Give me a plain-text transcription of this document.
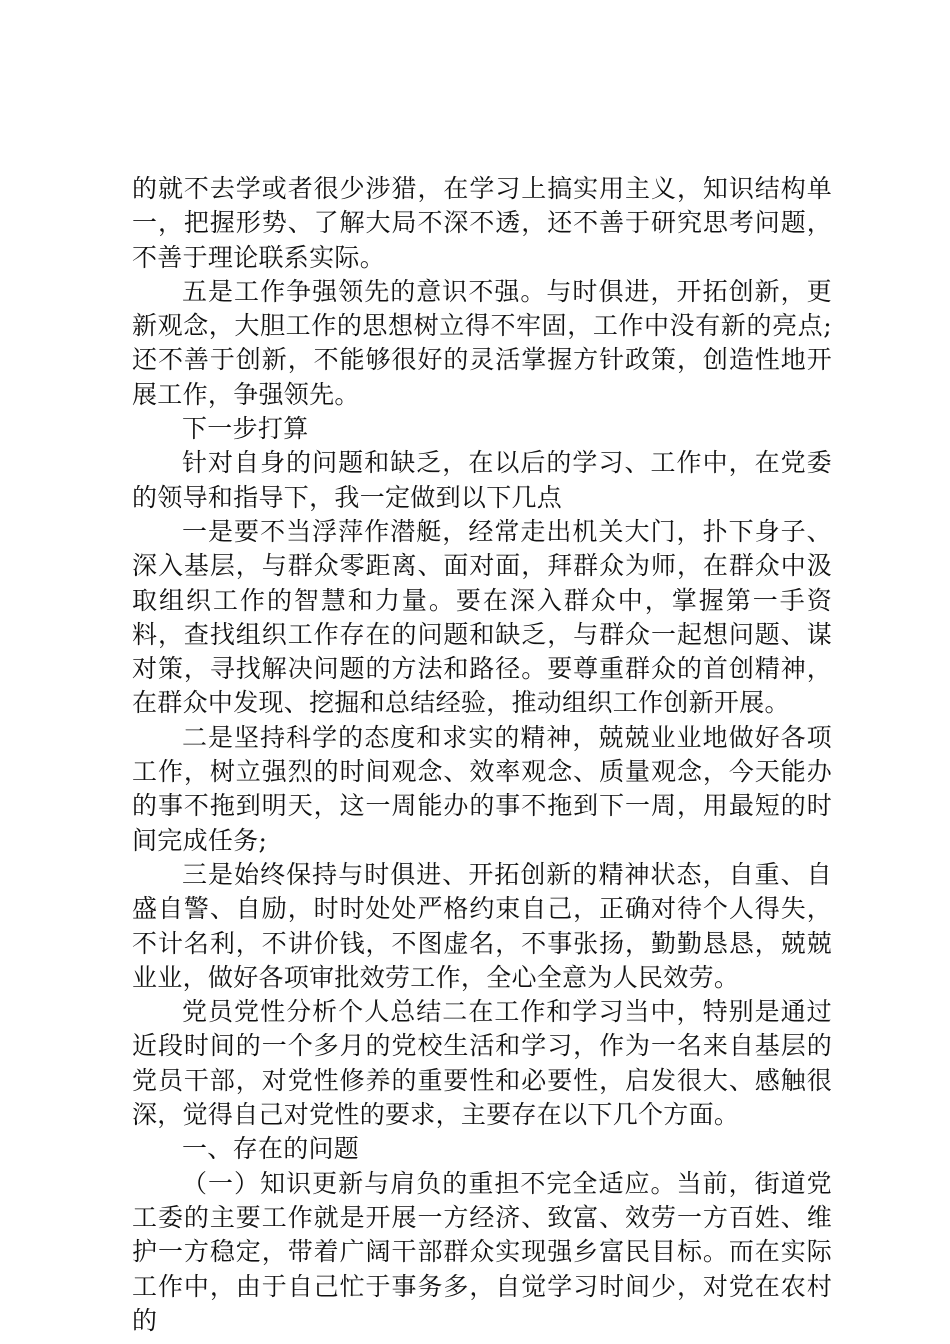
的就不去学或者很少涉猎，在学习上搞实用主义，知识结构单一，把握形势、了解大局不深不透，还不善于研究思考问题，不善于理论联系实际。

五是工作争强领先的意识不强。与时俱进，开拓创新，更新观念，大胆工作的思想树立得不牢固，工作中没有新的亮点;还不善于创新，不能够很好的灵活掌握方针政策，创造性地开展工作，争强领先。

下一步打算

针对自身的问题和缺乏，在以后的学习、工作中，在党委的领导和指导下，我一定做到以下几点

一是要不当浮萍作潜艇，经常走出机关大门，扑下身子、深入基层，与群众零距离、面对面，拜群众为师，在群众中汲取组织工作的智慧和力量。要在深入群众中，掌握第一手资料，查找组织工作存在的问题和缺乏，与群众一起想问题、谋对策，寻找解决问题的方法和路径。要尊重群众的首创精神，在群众中发现、挖掘和总结经验，推动组织工作创新开展。

二是坚持科学的态度和求实的精神，兢兢业业地做好各项工作，树立强烈的时间观念、效率观念、质量观念，今天能办的事不拖到明天，这一周能办的事不拖到下一周，用最短的时间完成任务;

三是始终保持与时俱进、开拓创新的精神状态，自重、自盛自警、自励，时时处处严格约束自己，正确对待个人得失，不计名利，不讲价钱，不图虚名，不事张扬，勤勤恳恳，兢兢业业，做好各项审批效劳工作，全心全意为人民效劳。

党员党性分析个人总结二在工作和学习当中，特别是通过近段时间的一个多月的党校生活和学习，作为一名来自基层的党员干部，对党性修养的重要性和必要性，启发很大、感触很深，觉得自己对党性的要求，主要存在以下几个方面。

一、存在的问题

（一）知识更新与肩负的重担不完全适应。当前，街道党工委的主要工作就是开展一方经济、致富、效劳一方百姓、维护一方稳定，带着广阔干部群众实现强乡富民目标。而在实际工作中，由于自己忙于事务多，自觉学习时间少，对党在农村的
